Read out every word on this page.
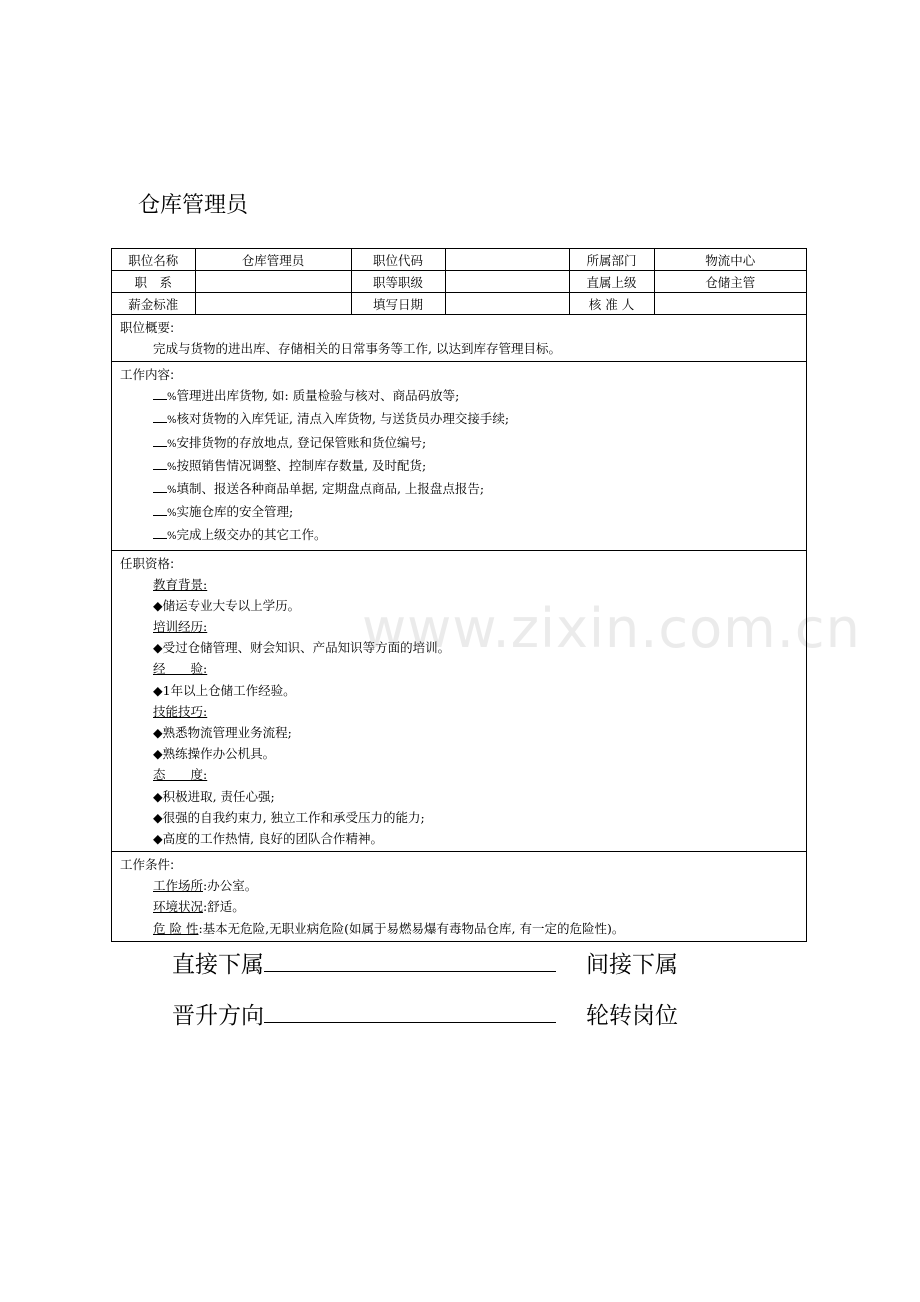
仓库管理员
www.zixin.com.cn
职位名称	仓库管理员	职位代码		所属部门	物流中心
职　系		职等职级		直属上级	仓储主管
薪金标准		填写日期		核 准 人	
职位概要:
完成与货物的进出库、存储相关的日常事务等工作, 以达到库存管理目标。
工作内容:
%管理进出库货物, 如: 质量检验与核对、商品码放等;
%核对货物的入库凭证, 清点入库货物, 与送货员办理交接手续;
%安排货物的存放地点, 登记保管账和货位编号;
%按照销售情况调整、控制库存数量, 及时配货;
%填制、报送各种商品单据, 定期盘点商品, 上报盘点报告;
%实施仓库的安全管理;
%完成上级交办的其它工作。
任职资格:
教育背景:
◆储运专业大专以上学历。
培训经历:
◆受过仓储管理、财会知识、产品知识等方面的培训。
经　　验:
◆1年以上仓储工作经验。
技能技巧:
◆熟悉物流管理业务流程;
◆熟练操作办公机具。
态　　度:
◆积极进取, 责任心强;
◆很强的自我约束力, 独立工作和承受压力的能力;
◆高度的工作热情, 良好的团队合作精神。
工作条件:
工作场所:办公室。
环境状况:舒适。
危 险 性:基本无危险,无职业病危险(如属于易燃易爆有毒物品仓库, 有一定的危险性)。
直接下属	间接下属
晋升方向	轮转岗位
